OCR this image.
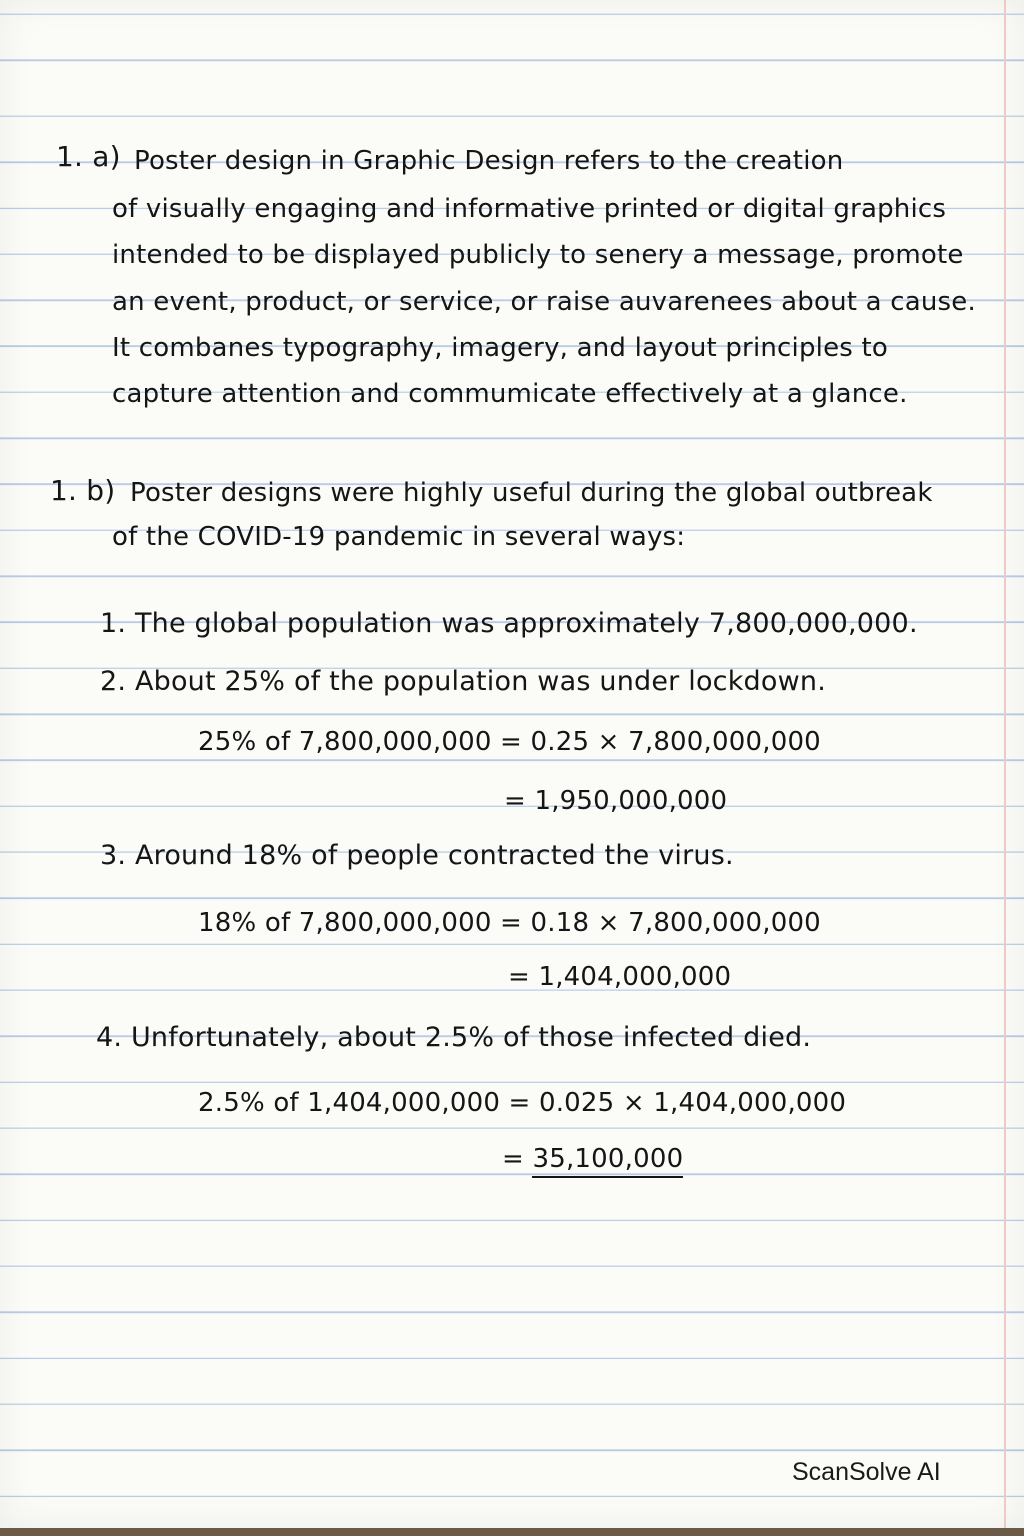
1. a) Poster design in Graphic Design refers to the creation
of visually engaging and informative printed or digital graphics
intended to be displayed publicly to senery a message, promote
an event, product, or service, or raise auvarenees about a cause.
It combanes typography, imagery, and layout principles to
capture attention and commumicate effectively at a glance.
1. b) Poster designs were highly useful during the global outbreak
of the COVID-19 pandemic in several ways:
1. The global population was approximately 7,800,000,000.
2. About 25% of the population was under lockdown.
25% of 7,800,000,000 = 0.25 × 7,800,000,000
= 1,950,000,000
3. Around 18% of people contracted the virus.
18% of 7,800,000,000 = 0.18 × 7,800,000,000
= 1,404,000,000
4. Unfortunately, about 2.5% of those infected died.
2.5% of 1,404,000,000 = 0.025 × 1,404,000,000
= 35,100,000
ScanSolve AI
